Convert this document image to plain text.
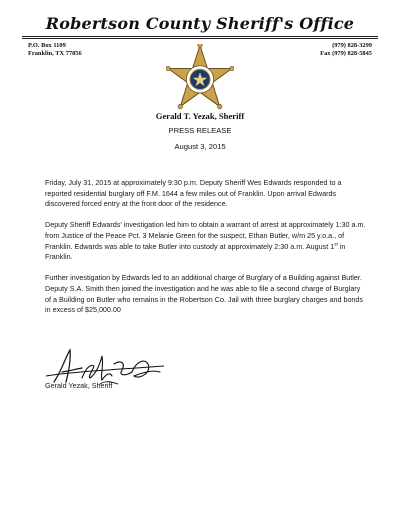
Robertson County Sheriff's Office
P.O. Box 1109
Franklin, TX 77856
(979) 828-3299
Fax (979) 828-5845
Gerald T. Yezak, Sheriff
PRESS RELEASE
August 3, 2015

Friday, July 31, 2015 at approximately 9:30 p.m. Deputy Sheriff Wes Edwards responded to a reported residential burglary off F.M. 1644 a few miles out of Franklin. Upon arrival Edwards discovered forced entry at the front door of the residence.

Deputy Sheriff Edwards' investigation led him to obtain a warrant of arrest at approximately 1:30 a.m. from Justice of the Peace Pct. 3 Melanie Green for the suspect, Ethan Butler, w/m 25 y.o.a., of Franklin. Edwards was able to take Butler into custody at approximately 2:30 a.m. August 1st in Franklin.

Further investigation by Edwards led to an additional charge of Burglary of a Building against Butler. Deputy S.A. Smith then joined the investigation and he was able to file a second charge of Burglary of a Building on Butler who remains in the Robertson Co. Jail with three burglary charges and bonds in excess of $25,000.00

Gerald Yezak, Sheriff
